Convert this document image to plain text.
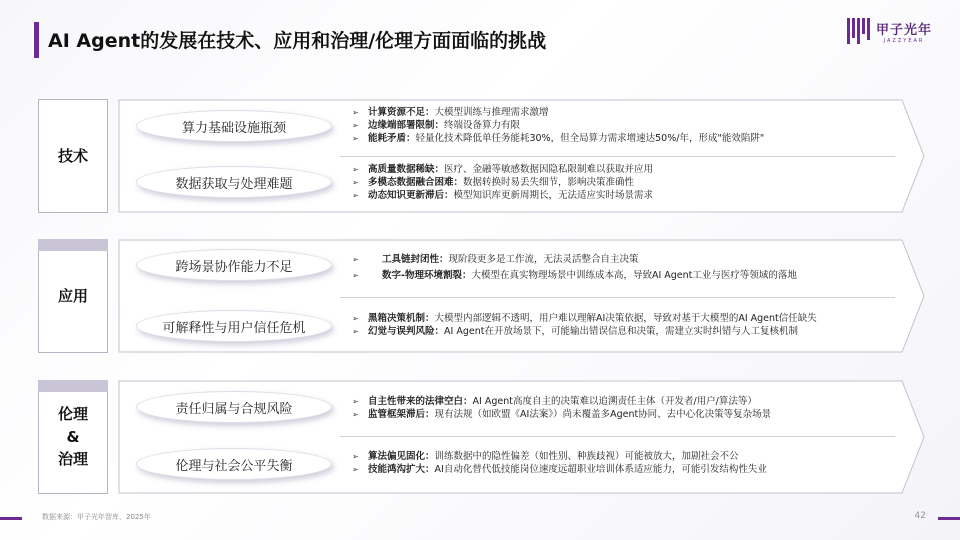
AI Agent的发展在技术、应用和治理/伦理方面面临的挑战	甲子光年
JAZZYEAR
技术
算力基础设施瓶颈
➢ 计算资源不足： 大模型训练与推理需求激增
➢ 边缘端部署限制： 终端设备算力有限
➢ 能耗矛盾： 轻量化技术降低单任务能耗30%，但全局算力需求增速达50%/年，形成"能效陷阱"
数据获取与处理难题
➢ 高质量数据稀缺： 医疗、金融等敏感数据因隐私限制难以获取并应用
➢ 多模态数据融合困难： 数据转换时易丢失细节，影响决策准确性
➢ 动态知识更新滞后： 模型知识库更新周期长，无法适应实时场景需求
应用
跨场景协作能力不足	➢	工具链封闭性： 现阶段更多是工作流，无法灵活整合自主决策
➢	数字-物理环境割裂： 大模型在真实物理场景中训练成本高，导致AI Agent工业与医疗等领域的落地
可解释性与用户信任危机
➢ 黑箱决策机制： 大模型内部逻辑不透明，用户难以理解AI决策依据，导致对基于大模型的AI Agent信任缺失
➢ 幻觉与误判风险： AI Agent在开放场景下，可能输出错误信息和决策，需建立实时纠错与人工复核机制
伦理
&
治理
责任归属与合规风险	➢ 自主性带来的法律空白： AI Agent高度自主的决策难以追溯责任主体（开发者/用户/算法等）
➢ 监管框架滞后： 现有法规（如欧盟《AI法案》）尚未覆盖多Agent协同、去中心化决策等复杂场景
伦理与社会公平失衡
➢ 算法偏见固化： 训练数据中的隐性偏差（如性别、种族歧视）可能被放大，加剧社会不公
➢ 技能鸿沟扩大： AI自动化替代低技能岗位速度远超职业培训体系适应能力，可能引发结构性失业
数据来源：甲子光年智库，2025年	42
